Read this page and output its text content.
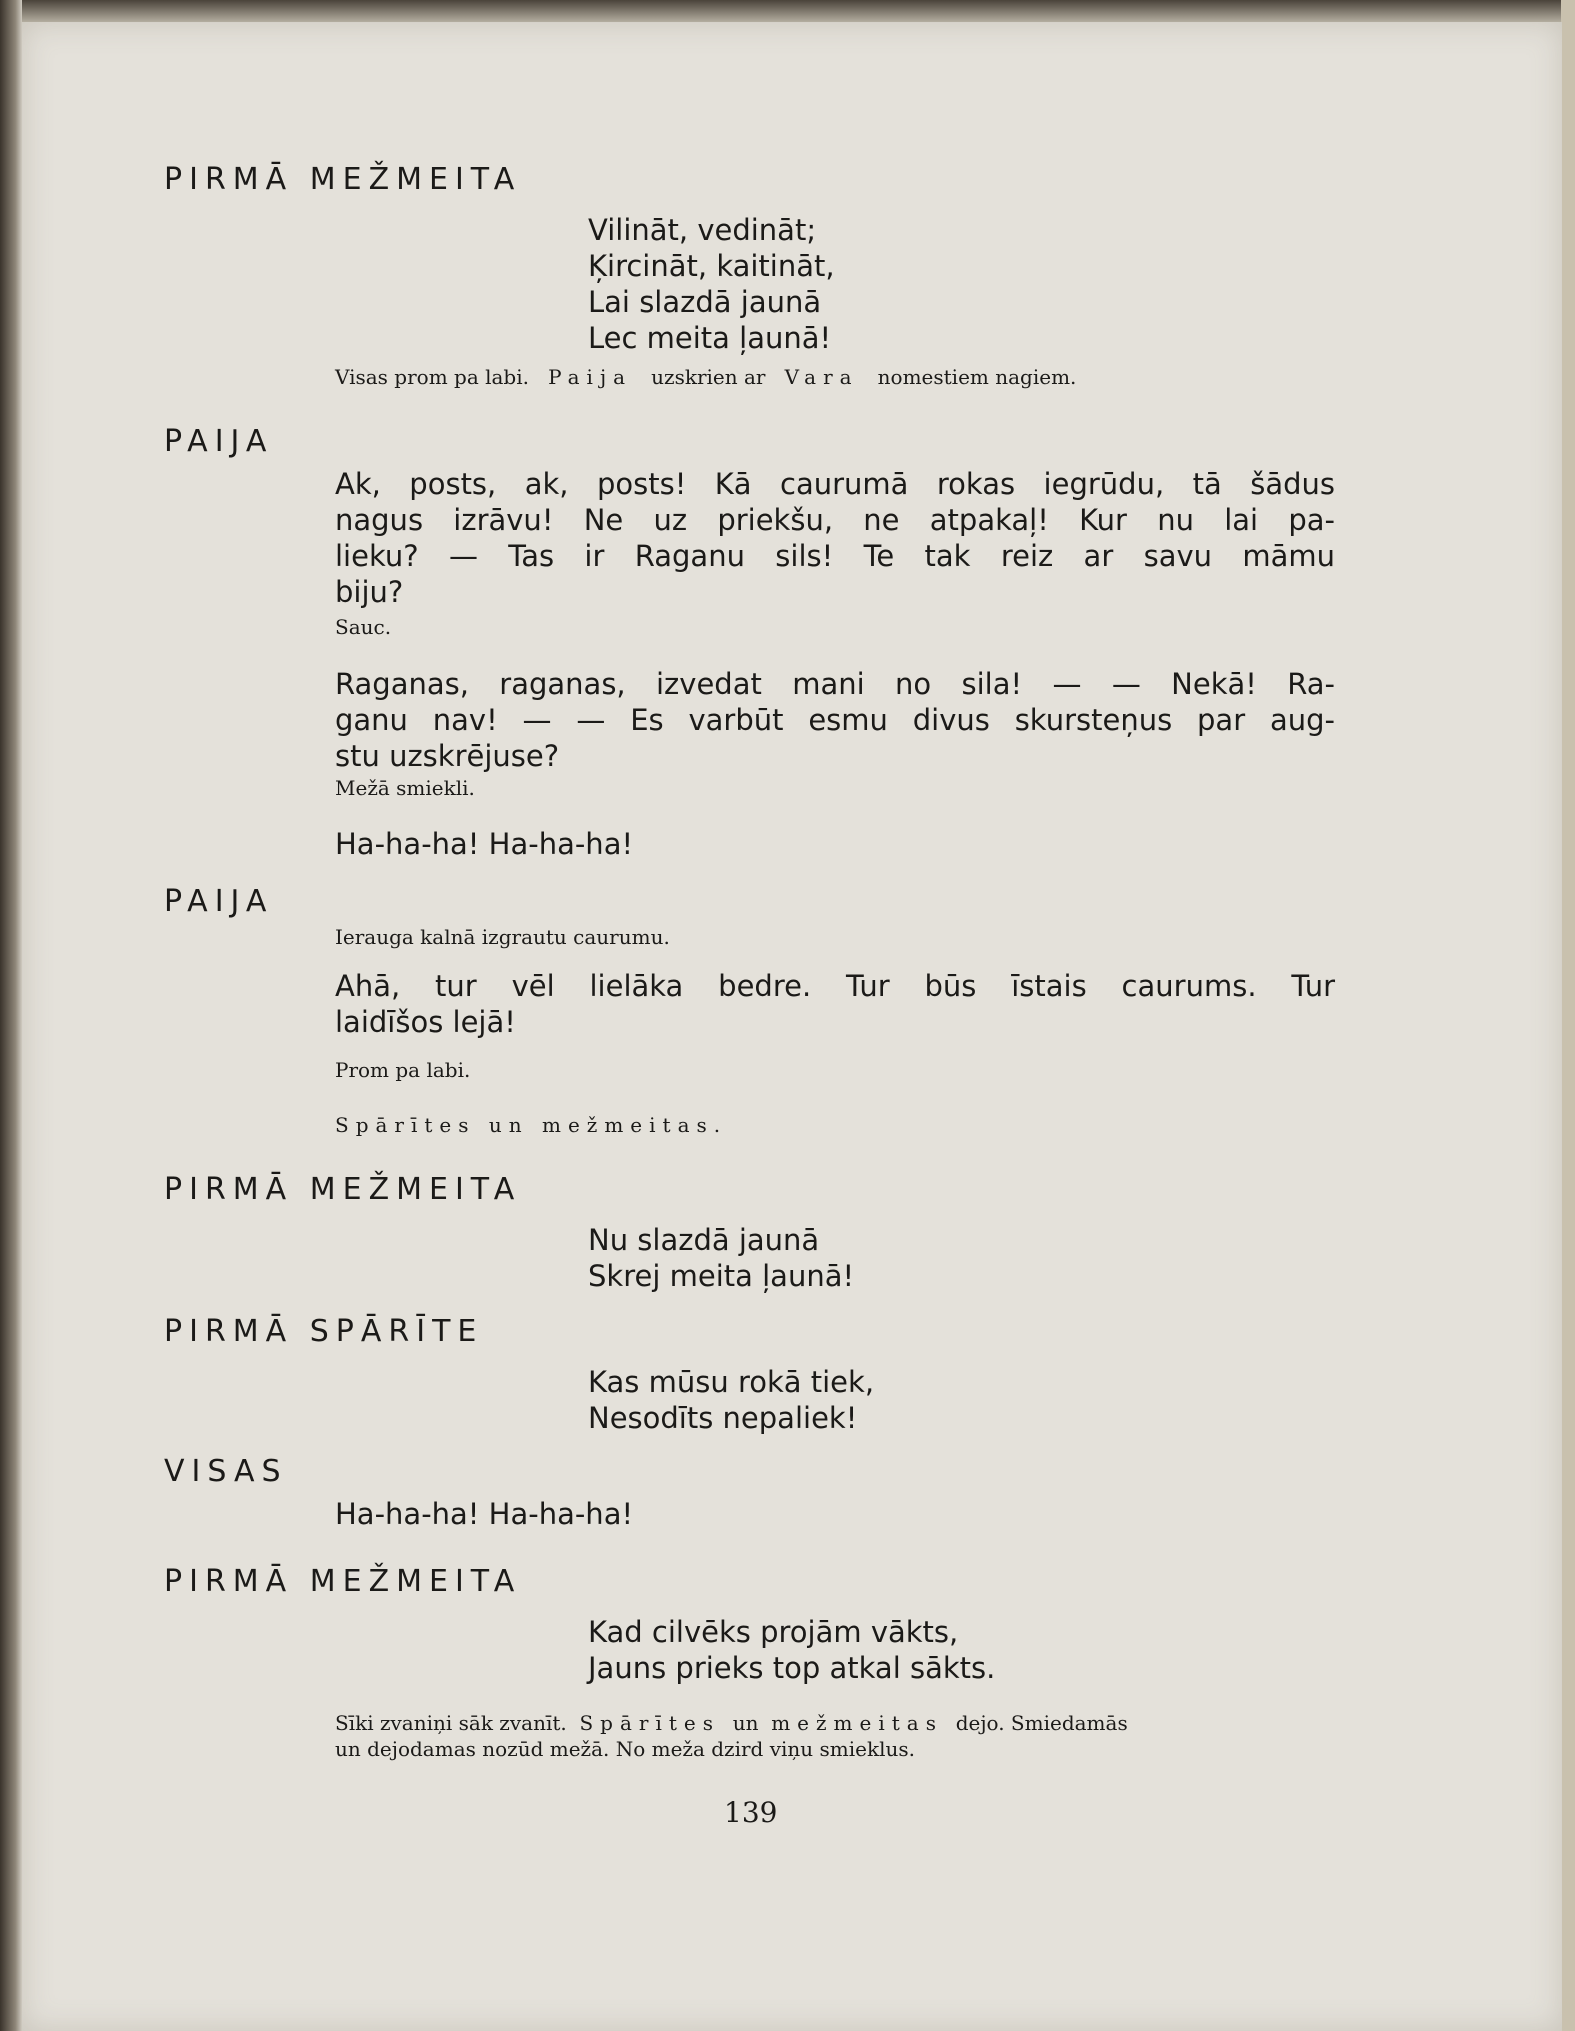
PIRMĀ MEŽMEITA
Vilināt, vedināt;
Ķircināt, kaitināt,
Lai slazdā jaunā
Lec meita ļaunā!
Visas prom pa labi. Paija uzskrien ar Vara nomestiem nagiem.
PAIJA
Ak, posts, ak, posts! Kā caurumā rokas iegrūdu, tā šādus
nagus izrāvu! Ne uz priekšu, ne atpakaļ! Kur nu lai pa-
lieku? — Tas ir Raganu sils! Te tak reiz ar savu māmu
biju?
Sauc.
Raganas, raganas, izvedat mani no sila! — — Nekā! Ra-
ganu nav! — — Es varbūt esmu divus skursteņus par aug-
stu uzskrējuse?
Mežā smiekli.
Ha-ha-ha! Ha-ha-ha!
PAIJA
Ierauga kalnā izgrautu caurumu.
Ahā, tur vēl lielāka bedre. Tur būs īstais caurums. Tur
laidīšos lejā!
Prom pa labi.
Spārītes un mežmeitas.
PIRMĀ MEŽMEITA
Nu slazdā jaunā
Skrej meita ļaunā!
PIRMĀ SPĀRĪTE
Kas mūsu rokā tiek,
Nesodīts nepaliek!
VISAS
Ha-ha-ha! Ha-ha-ha!
PIRMĀ MEŽMEITA
Kad cilvēks projām vākts,
Jauns prieks top atkal sākts.
Sīki zvaniņi sāk zvanīt. Spārītes un mežmeitas dejo. Smiedamās
un dejodamas nozūd mežā. No meža dzird viņu smieklus.
139
